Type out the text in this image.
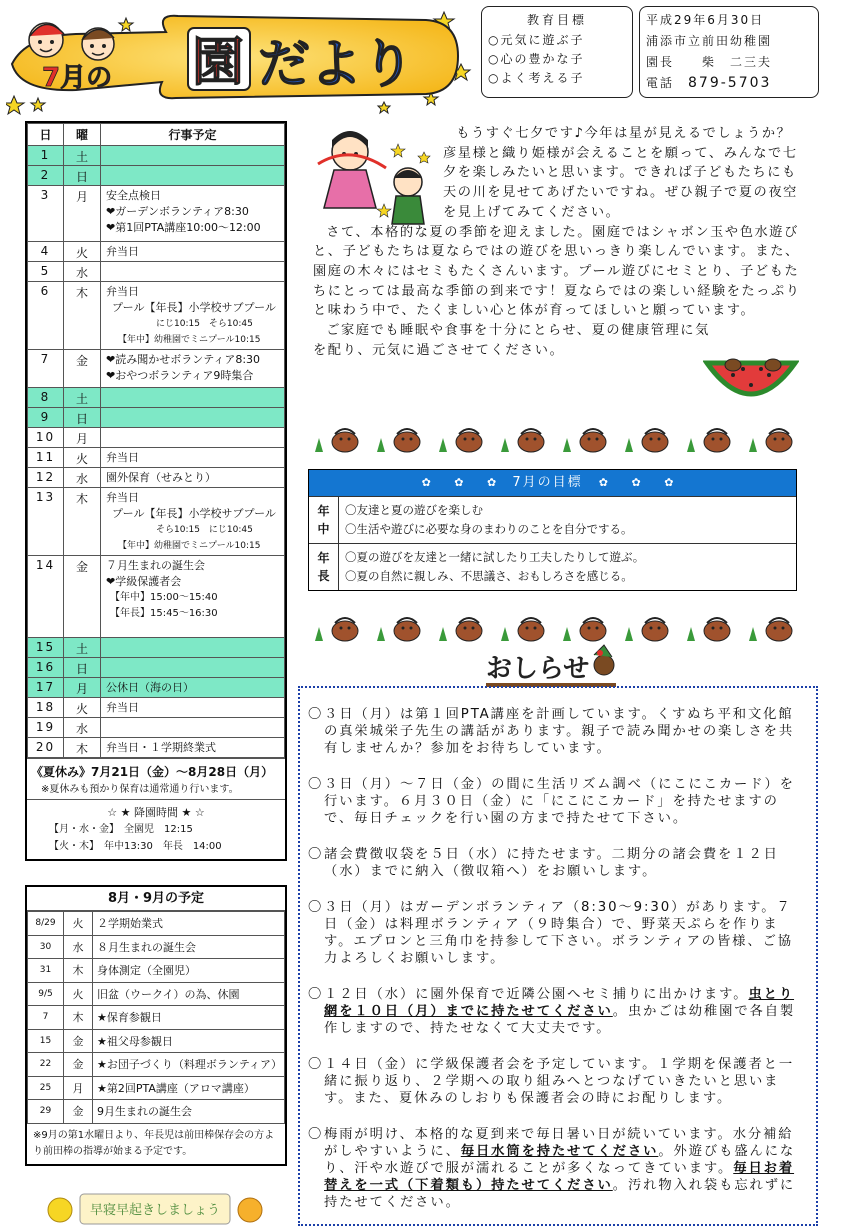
7月の 園 だより
教育目標
○元気に遊ぶ子
○心の豊かな子
○よく考える子
平成29年6月30日
浦添市立前田幼稚園
園長　　柴　二三夫
電話 879-5703
日	曜	行事予定
1	土	
2	日	
3	月	安全点検日
❤ガーデンボランティア8:30
❤第1回PTA講座10:00～12:00

4	火	弁当日

5	水	
6	木	弁当日
プール【年長】小学校サブプール
にじ10:15　そら10:45
【年中】幼稚園でミニプール10:15

7	金	❤読み聞かせボランティア8:30
❤おやつボランティア9時集合

8	土	
9	日	
10	月	
11	火	弁当日

12	水	園外保育（せみとり）

13	木	弁当日
プール【年長】小学校サブプール
そら10:15　にじ10:45
【年中】幼稚園でミニプール10:15

14	金	７月生まれの誕生会
❤学級保護者会
【年中】15:00～15:40
【年長】15:45～16:30

15	土	
16	日	
17	月	公休日（海の日）

18	火	弁当日

19	水	
20	木	弁当日・１学期終業式
《夏休み》7月21日（金）～8月28日（月）
※夏休みも預かり保育は通常通り行います。
☆ ★ 降園時間 ★ ☆
【月・水・金】　全園児　12:15
【火・木】　年中13:30　年長　14:00
8月・9月の予定
8/29	火	２学期始業式
30	水	８月生まれの誕生会
31	木	身体測定（全園児）
9/5	火	旧盆（ウークイ）の為、休園
7	木	★保育参観日
15	金	★祖父母参観日
22	金	★お団子づくり（料理ボランティア）
25	月	★第2回PTA講座（アロマ講座）
29	金	9月生まれの誕生会
※9月の第1水曜日より、年長児は前田棒保存会の方より前田棒の指導が始まる予定です。
早寝早起きしましょう

もうすぐ七夕です♪今年は星が見えるでしょうか？彦星様と織り姫様が会えることを願って、みんなで七夕を楽しみたいと思います。できれば子どもたちにも天の川を見せてあげたいですね。ぜひ親子で夏の夜空を見上げてみてください。

さて、本格的な夏の季節を迎えました。園庭ではシャボン玉や色水遊びと、子どもたちは夏ならではの遊びを思いっきり楽しんでいます。また、園庭の木々にはセミもたくさんいます。プール遊びにセミとり、子どもたちにとっては最高な季節の到来です！夏ならではの楽しい経験をたっぷりと味わう中で、たくましい心と体が育ってほしいと願っています。

ご家庭でも睡眠や食事を十分にとらせ、夏の健康管理に気を配り、元気に過ごさせてください。

✿ ✿ ✿ 7月の目標 ✿ ✿ ✿
年
中
〇友達と夏の遊びを楽しむ
〇生活や遊びに必要な身のまわりのことを自分でする。
年
長
〇夏の遊びを友達と一緒に試したり工夫したりして遊ぶ。
〇夏の自然に親しみ、不思議さ、おもしろさを感じる。
おしらせ
〇 ３日（月）は第１回PTA講座を計画しています。くすぬち平和文化館の真栄城栄子先生の講話があります。親子で読み聞かせの楽しさを共有しませんか？参加をお待ちしています。
〇 ３日（月）～７日（金）の間に生活リズム調べ（にこにこカード）を行います。６月３０日（金）に「にこにこカード」を持たせますので、毎日チェックを行い園の方まで持たせて下さい。
〇 諸会費徴収袋を５日（水）に持たせます。二期分の諸会費を１２日（水）までに納入（徴収箱へ）をお願いします。
〇 ３日（月）はガーデンボランティア（8:30～9:30）があります。７日（金）は料理ボランティア（９時集合）で、野菜天ぷらを作ります。エプロンと三角巾を持参して下さい。ボランティアの皆様、ご協力よろしくお願いします。
〇 １２日（水）に園外保育で近隣公園へセミ捕りに出かけます。虫とり網を１０日（月）までに持たせてください。虫かごは幼稚園で各自製作しますので、持たせなくて大丈夫です。
〇 １４日（金）に学級保護者会を予定しています。１学期を保護者と一緒に振り返り、２学期への取り組みへとつなげていきたいと思います。また、夏休みのしおりも保護者会の時にお配りします。
〇 梅雨が明け、本格的な夏到来で毎日暑い日が続いています。水分補給がしやすいように、毎日水筒を持たせてください。外遊びも盛んになり、汗や水遊びで服が濡れることが多くなってきています。毎日お着替えを一式（下着類も）持たせてください。汚れ物入れ袋も忘れずに持たせてください。
